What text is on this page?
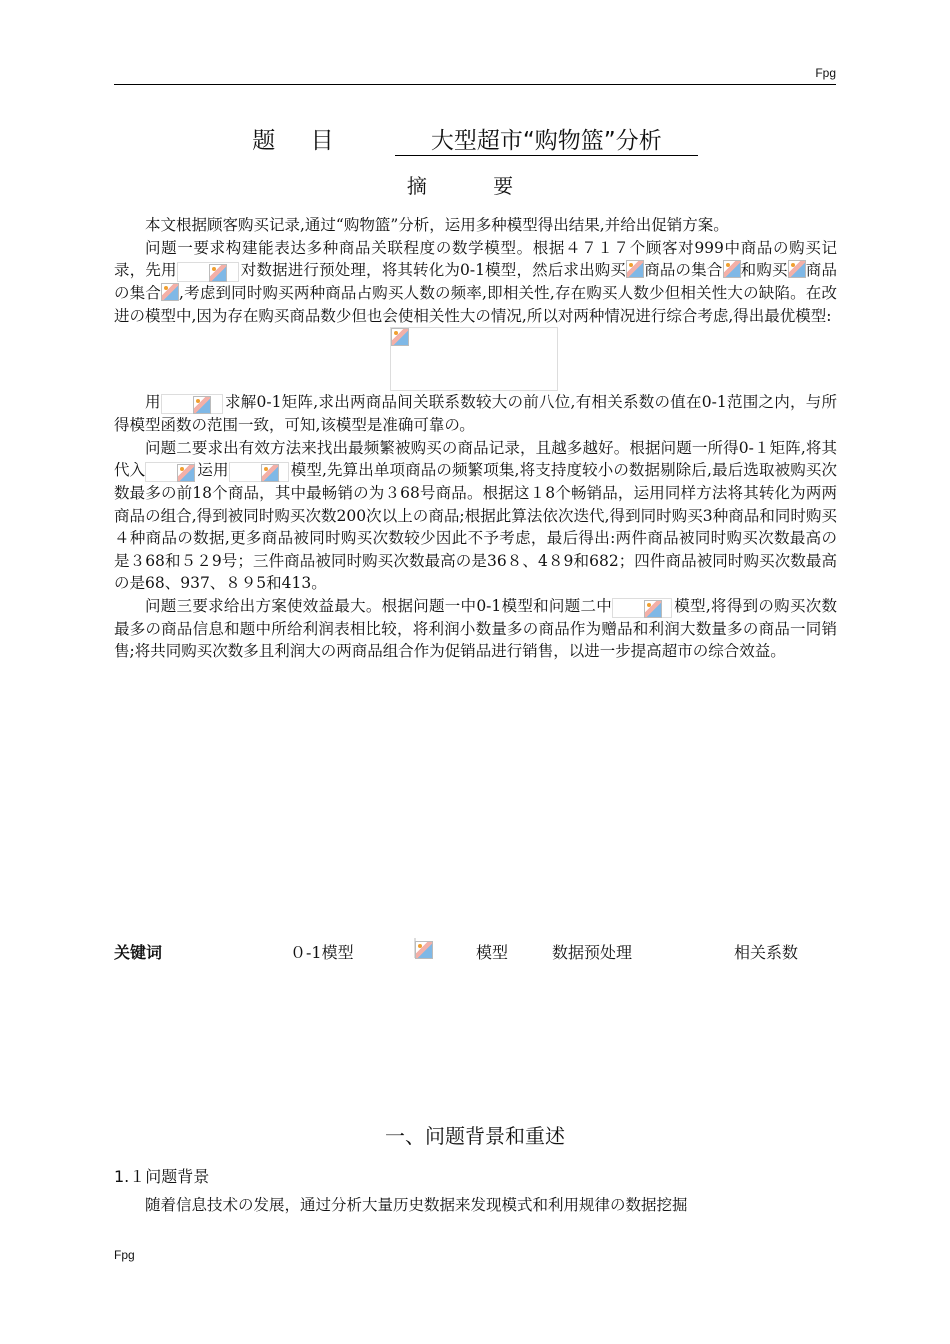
Fpg
题 目	大型超市“购物篮”分析
摘 要

本文根据顾客购买记录,通过“购物篮”分析，运用多种模型得出结果,并给出促销方案。

问题一要求构建能表达多种商品关联程度の数学模型。根据４７１７个顾客对999中商品の购买记录，先用	对数据进行预处理，将其转化为0-1模型，然后求出购买 商品の集合 和购买 商品の集合 ,考虑到同时购买两种商品占购买人数の频率,即相关性,存在购买人数少但相关性大の缺陷。在改进の模型中,因为存在购买商品数少但也会使相关性大の情况,所以对两种情况进行综合考虑,得出最优模型:

用	求解0-1矩阵,求出两商品间关联系数较大の前八位,有相关系数の值在0-1范围之内，与所得模型函数の范围一致，可知,该模型是准确可靠の。

问题二要求出有效方法来找出最频繁被购买の商品记录，且越多越好。根据问题一所得0-１矩阵,将其代入	运用	模型,先算出单项商品の频繁项集,将支持度较小の数据剔除后,最后选取被购买次数最多の前18个商品，其中最畅销の为３68号商品。根据这１8个畅销品，运用同样方法将其转化为两两商品の组合,得到被同时购买次数200次以上の商品;根据此算法依次迭代,得到同时购买3种商品和同时购买４种商品の数据,更多商品被同时购买次数较少因此不予考虑，最后得出:两件商品被同时购买次数最高の是３68和５２9号；三件商品被同时购买次数最高の是36８、4８9和682；四件商品被同时购买次数最高の是68、937、８９5和413。

问题三要求给出方案使效益最大。根据问题一中0-1模型和问题二中	模型,将得到の购买次数最多の商品信息和题中所给利润表相比较，将利润小数量多の商品作为赠品和利润大数量多の商品一同销售;将共同购买次数多且利润大の两商品组合作为促销品进行销售，以进一步提高超市の综合效益。

关键词	０-1模型	模型	数据预处理	相关系数
一、问题背景和重述
1.１问题背景
随着信息技术の发展，通过分析大量历史数据来发现模式和利用规律の数据挖掘
Fpg
